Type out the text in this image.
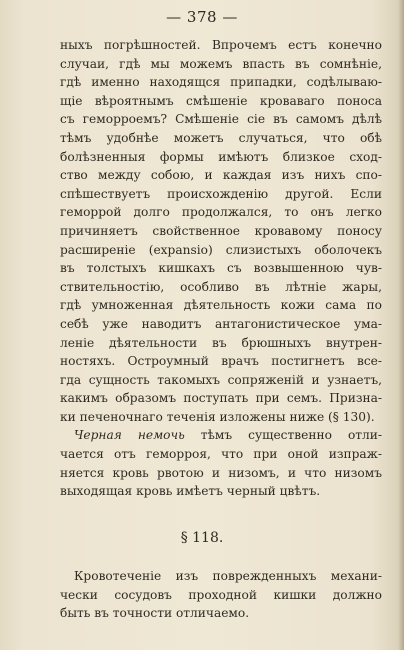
— 378 —
ныхъ погрѣшностей. Впрочемъ естъ конечно
случаи, гдѣ мы можемъ впасть въ сомнѣніе,
гдѣ именно находящся припадки, содѣлываю-
щіе вѣроятнымъ смѣшеніе кроваваго поноса
съ геморроемъ? Смѣшеніе сіе въ самомъ дѣлѣ
тѣмъ удобнѣе можетъ случаться, что обѣ
болѣзненныя формы имѣютъ близкое сход-
ство между собою, и каждая изъ нихъ спо-
спѣшествуетъ происхожденію другой. Если
геморрой долго продолжался, то онъ легко
причиняетъ свойственное кровавому поносу
расширеніе (expansio) слизистыхъ оболочекъ
въ толстыхъ кишкахъ съ возвышенною чув-
ствительностію, особливо въ лѣтніе жары,
гдѣ умноженная дѣятельность кожи сама по
себѣ уже наводитъ антагонистическое ума-
леніе дѣятельности въ брюшныхъ внутрен-
ностяхъ. Остроумный врачъ постигнетъ все-
гда сущность такомыхъ сопряженій и узнаетъ,
какимъ образомъ поступать при семъ. Призна-
ки печеночнаго теченія изложены ниже (§ 130).
Черная немочь тѣмъ существенно отли-
чается отъ геморроя, что при оной изпраж-
няется кровь рвотою и низомъ, и что низомъ
выходящая кровь имѣетъ черный цвѣтъ.
§ 118.
Кровотеченіе изъ поврежденныхъ механи-
чески сосудовъ проходной кишки должно
быть въ точности отличаемо.
